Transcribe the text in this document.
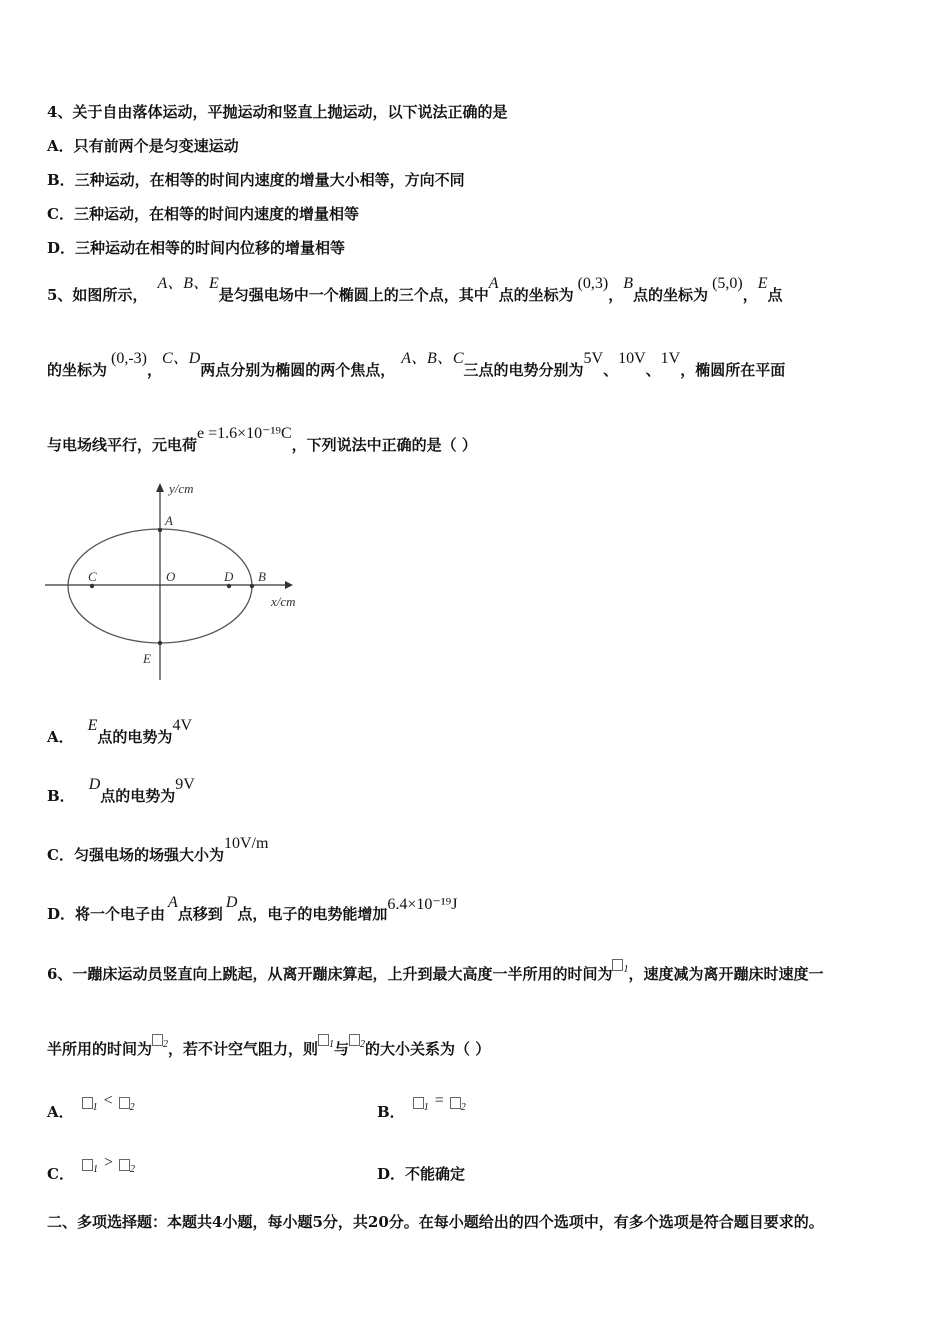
4、关于自由落体运动，平抛运动和竖直上抛运动，以下说法正确的是
A．只有前两个是匀变速运动
B．三种运动，在相等的时间内速度的增量大小相等，方向不同
C．三种运动，在相等的时间内速度的增量相等
D．三种运动在相等的时间内位移的增量相等
5、如图所示，A、B、E是匀强电场中一个椭圆上的三个点，其中A点的坐标为(0,3)，B点的坐标为(5,0)，E点
的坐标为(0,-3)，C、D两点分别为椭圆的两个焦点，A、B、C三点的电势分别为5V、10V、1V，椭圆所在平面
与电场线平行，元电荷e =1.6×10⁻¹⁹C，下列说法中正确的是（ ）
y/cm
x/cm
A
B
C	D
E
O
A．E点的电势为4V
B．D点的电势为9V
C．匀强电场的场强大小为10V/m
D．将一个电子由A点移到D点，电子的电势能增加6.4×10⁻¹⁹J
6、一蹦床运动员竖直向上跳起，从离开蹦床算起，上升到最大高度一半所用的时间为 1，速度减为离开蹦床时速度一
半所用的时间为 2，若不计空气阻力，则 1与 2的大小关系为（ ）
A． 1 < 2	B． 1 = 2
C． 1 > 2	D．不能确定
二、多项选择题：本题共4小题，每小题5分，共20分。在每小题给出的四个选项中，有多个选项是符合题目要求的。
